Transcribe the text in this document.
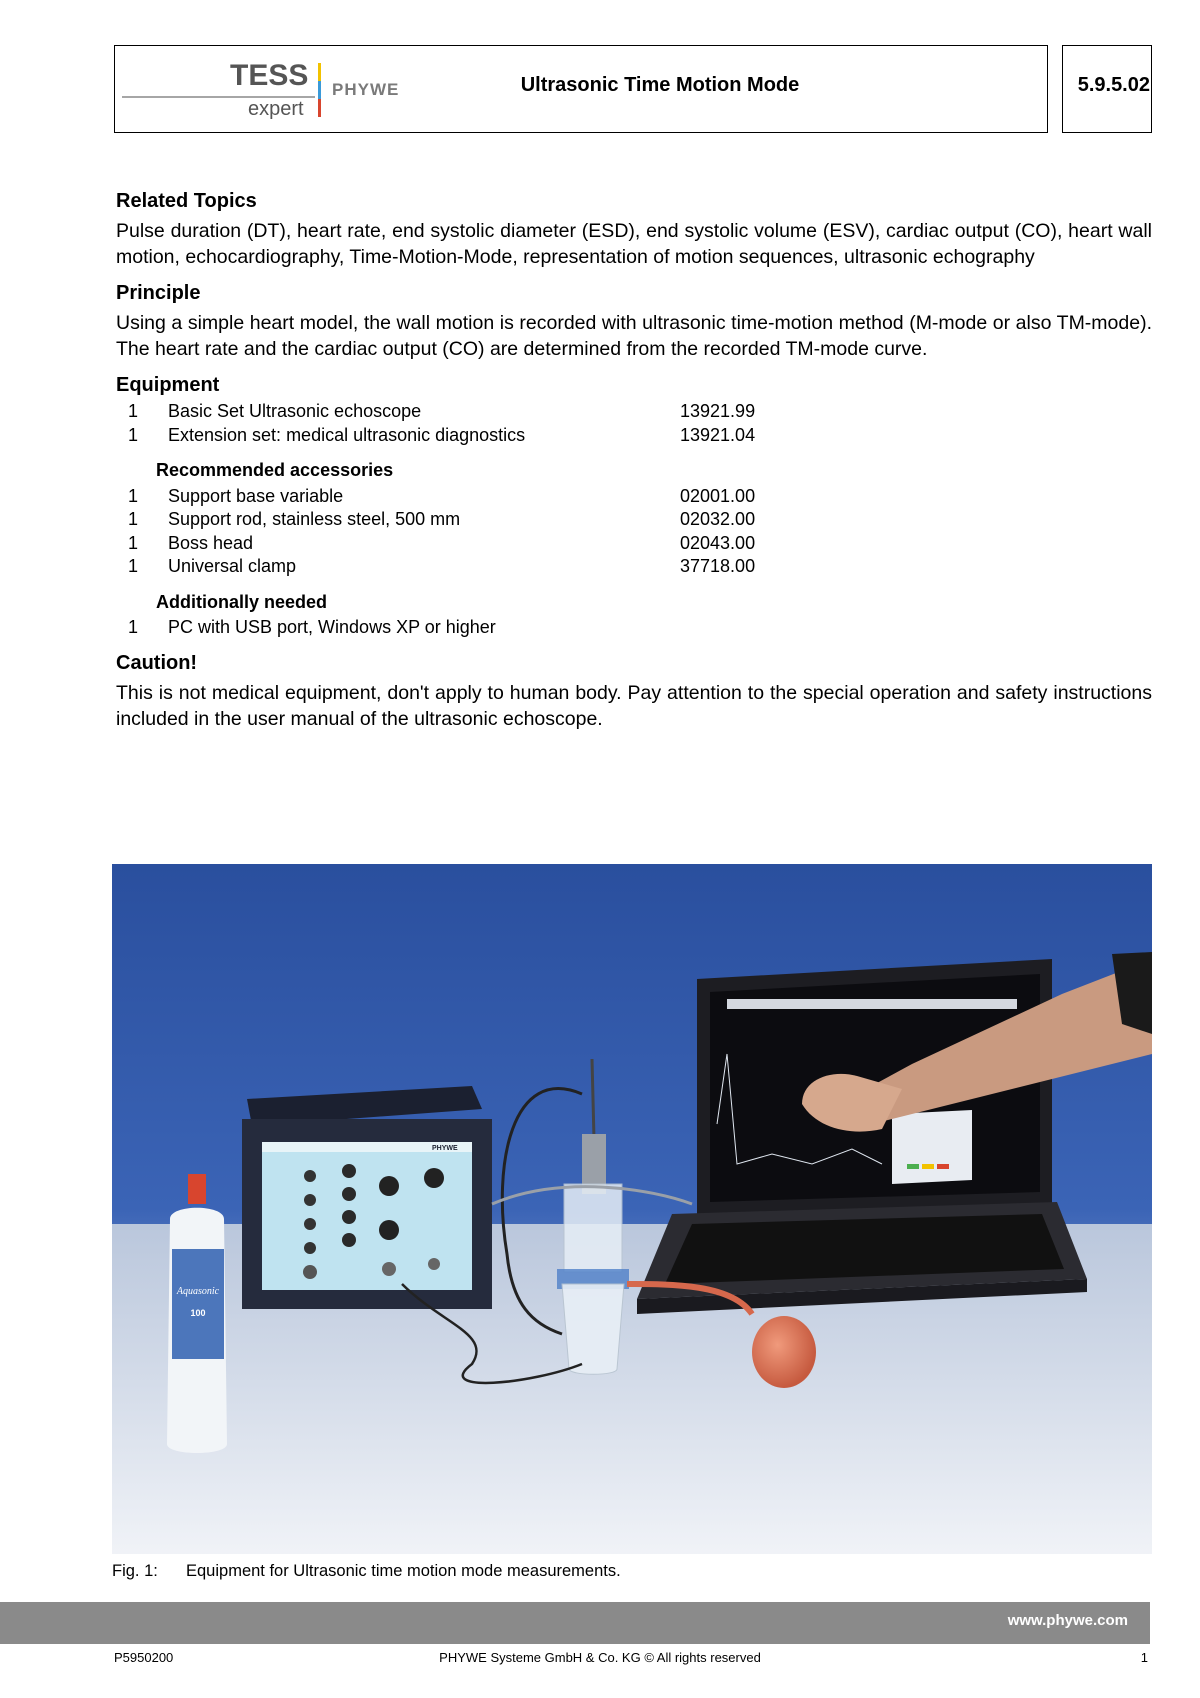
TESS
expert
PHYWE	Ultrasonic Time Motion Mode	5.9.5.02
Related Topics
Pulse duration (DT), heart rate, end systolic diameter (ESD), end systolic volume (ESV), cardiac output (CO), heart wall motion, echocardiography, Time-Motion-Mode, representation of motion sequences, ultrasonic echography
Principle
Using a simple heart model, the wall motion is recorded with ultrasonic time-motion method (M-mode or also TM-mode). The heart rate and the cardiac output (CO) are determined from the recorded TM-mode curve.
Equipment
1	Basic Set Ultrasonic echoscope	13921.99
1	Extension set: medical ultrasonic diagnostics	13921.04
Recommended accessories
1	Support base variable	02001.00
1	Support rod, stainless steel, 500 mm	02032.00
1	Boss head	02043.00
1	Universal clamp	37718.00
Additionally needed
1	PC with USB port, Windows XP or higher	
Caution!
This is not medical equipment, don't apply to human body. Pay attention to the special operation and safety instructions included in the user manual of the ultrasonic echoscope.
PHYWE
Aquasonic
100
Fig. 1: Equipment for Ultrasonic time motion mode measurements.
www.phywe.com
P5950200	PHYWE Systeme GmbH & Co. KG © All rights reserved	1
